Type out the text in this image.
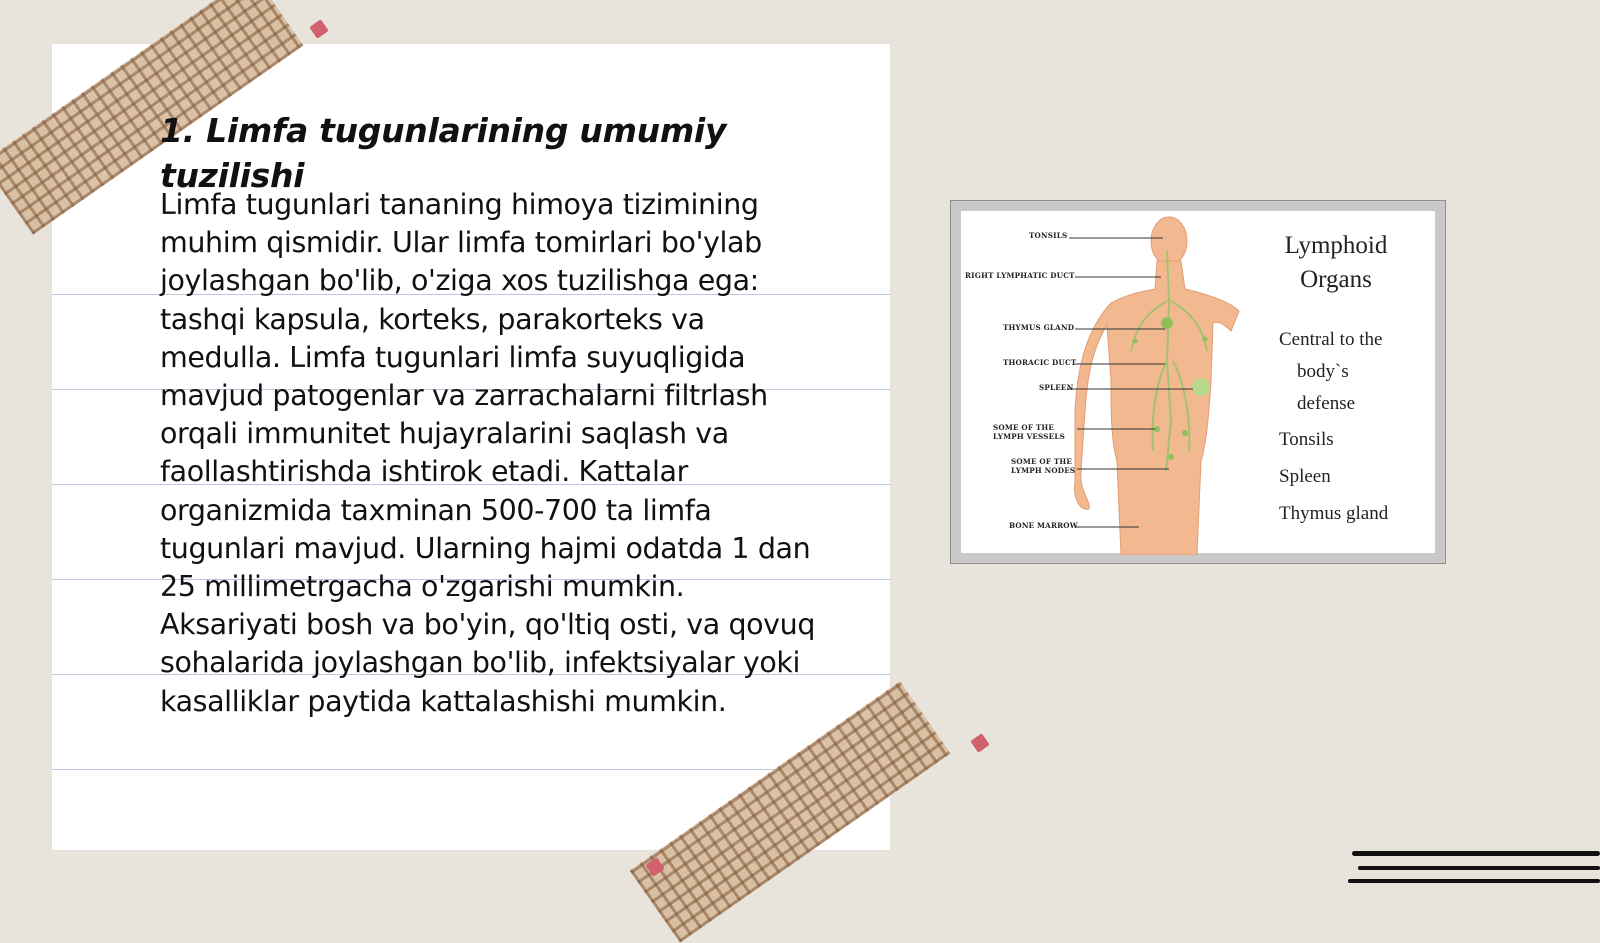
1. Limfa tugunlarining umumiy tuzilishi

Limfa tugunlari tananing himoya tizimining muhim qismidir. Ular limfa tomirlari bo'ylab joylashgan bo'lib, o'ziga xos tuzilishga ega: tashqi kapsula, korteks, parakorteks va medulla. Limfa tugunlari limfa suyuqligida mavjud patogenlar va zarrachalarni filtrlash orqali immunitet hujayralarini saqlash va faollashtirishda ishtirok etadi. Kattalar organizmida taxminan 500-700 ta limfa tugunlari mavjud. Ularning hajmi odatda 1 dan 25 millimetrgacha o'zgarishi mumkin. Aksariyati bosh va bo'yin, qo'ltiq osti, va qovuq sohalarida joylashgan bo'lib, infektsiyalar yoki kasalliklar paytida kattalashishi mumkin.

TONSILS
RIGHT LYMPHATIC DUCT
THYMUS GLAND
THORACIC DUCT
SPLEEN
SOME OF THE
LYMPH VESSELS
SOME OF THE
LYMPH NODES
BONE MARROW
Lymphoid
Organs
Central to the
body`s
defense
Tonsils
Spleen
Thymus gland
